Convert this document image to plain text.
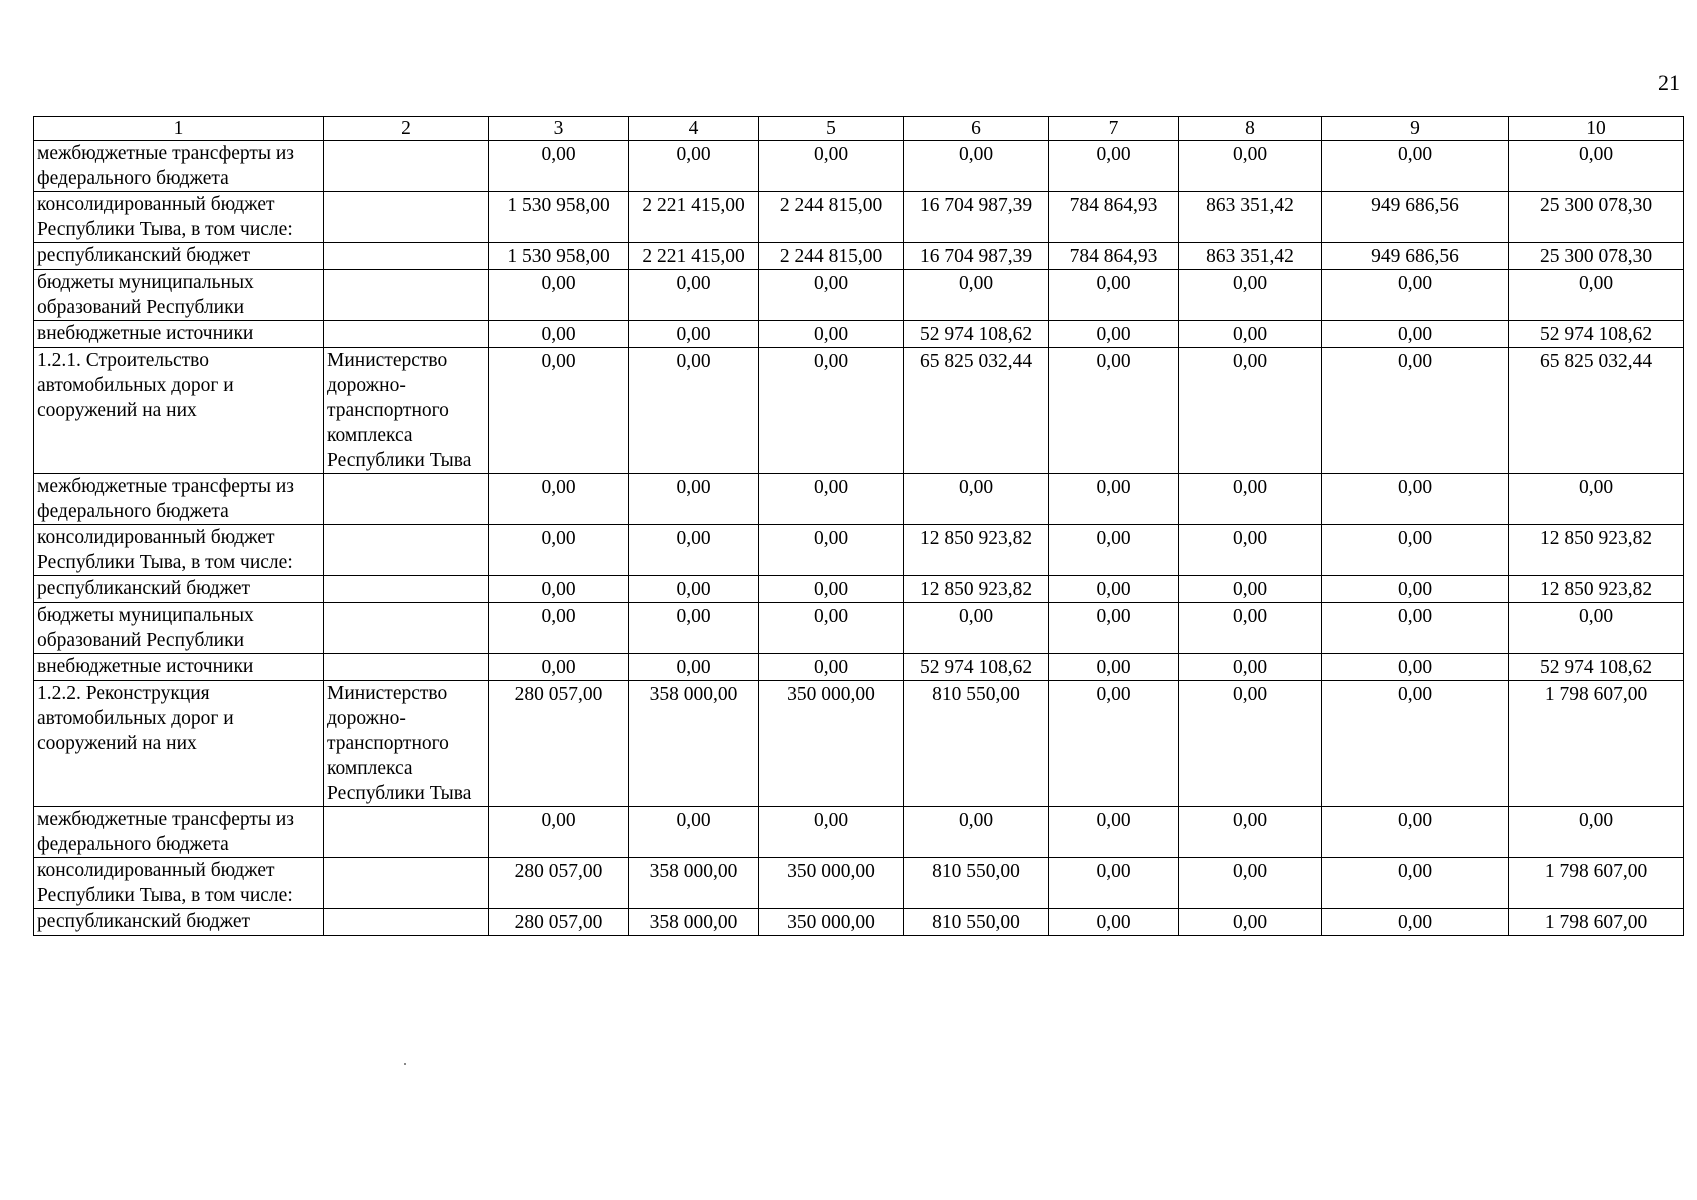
21
1	2	3	4	5	6	7	8	9	10
межбюджетные трансферты из федерального бюджета		0,00	0,00	0,00	0,00	0,00	0,00	0,00	0,00
консолидированный бюджет Республики Тыва, в том числе:		1 530 958,00	2 221 415,00	2 244 815,00	16 704 987,39	784 864,93	863 351,42	949 686,56	25 300 078,30
республиканский бюджет		1 530 958,00	2 221 415,00	2 244 815,00	16 704 987,39	784 864,93	863 351,42	949 686,56	25 300 078,30
бюджеты муниципальных образований Республики		0,00	0,00	0,00	0,00	0,00	0,00	0,00	0,00
внебюджетные источники		0,00	0,00	0,00	52 974 108,62	0,00	0,00	0,00	52 974 108,62
1.2.1. Строительство автомобильных дорог и сооружений на них	Министерство дорожно-транспортного комплекса Республики Тыва	0,00	0,00	0,00	65 825 032,44	0,00	0,00	0,00	65 825 032,44
межбюджетные трансферты из федерального бюджета		0,00	0,00	0,00	0,00	0,00	0,00	0,00	0,00
консолидированный бюджет Республики Тыва, в том числе:		0,00	0,00	0,00	12 850 923,82	0,00	0,00	0,00	12 850 923,82
республиканский бюджет		0,00	0,00	0,00	12 850 923,82	0,00	0,00	0,00	12 850 923,82
бюджеты муниципальных образований Республики		0,00	0,00	0,00	0,00	0,00	0,00	0,00	0,00
внебюджетные источники		0,00	0,00	0,00	52 974 108,62	0,00	0,00	0,00	52 974 108,62
1.2.2. Реконструкция автомобильных дорог и сооружений на них	Министерство дорожно-транспортного комплекса Республики Тыва	280 057,00	358 000,00	350 000,00	810 550,00	0,00	0,00	0,00	1 798 607,00
межбюджетные трансферты из федерального бюджета		0,00	0,00	0,00	0,00	0,00	0,00	0,00	0,00
консолидированный бюджет Республики Тыва, в том числе:		280 057,00	358 000,00	350 000,00	810 550,00	0,00	0,00	0,00	1 798 607,00
республиканский бюджет		280 057,00	358 000,00	350 000,00	810 550,00	0,00	0,00	0,00	1 798 607,00
